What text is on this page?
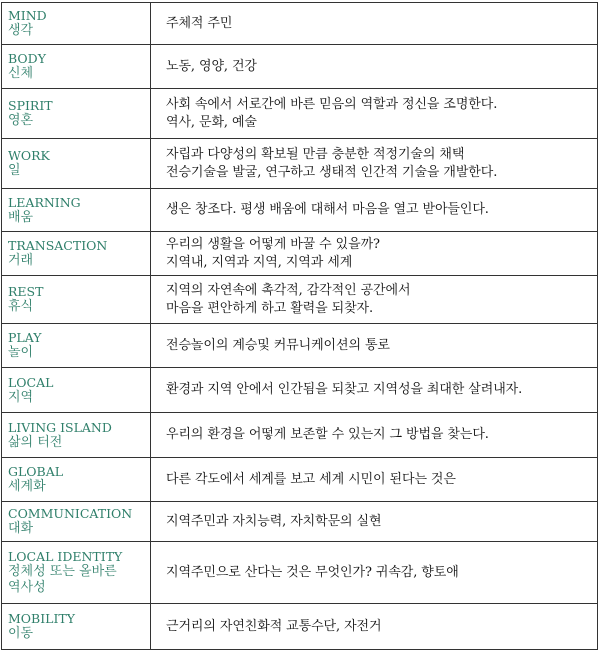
MIND
생각	주체적 주민

BODY
신체	노동, 영양, 건강

SPIRIT
영혼	사회 속에서 서로간에 바른 믿음의 역할과 정신을 조명한다.
역사, 문화, 예술

WORK
일	자립과 다양성의 확보될 만큼 충분한 적정기술의 채택
전승기술을 발굴, 연구하고 생태적 인간적 기술을 개발한다.

LEARNING
배움	생은 창조다. 평생 배움에 대해서 마음을 열고 받아들인다.

TRANSACTION
거래	우리의 생활을 어떻게 바꿀 수 있을까?
지역내, 지역과 지역, 지역과 세계

REST
휴식	지역의 자연속에 촉각적, 감각적인 공간에서
마음을 편안하게 하고 활력을 되찾자.

PLAY
놀이	전승놀이의 계승및 커뮤니케이션의 통로

LOCAL
지역	환경과 지역 안에서 인간됨을 되찾고 지역성을 최대한 살려내자.

LIVING ISLAND
삶의 터전	우리의 환경을 어떻게 보존할 수 있는지 그 방법을 찾는다.

GLOBAL
세계화	다른 각도에서 세계를 보고 세계 시민이 된다는 것은

COMMUNICATION
대화	지역주민과 자치능력, 자치학문의 실현

LOCAL IDENTITY
정체성 또는 올바른
역사성	지역주민으로 산다는 것은 무엇인가? 귀속감, 향토애

MOBILITY
이동	근거리의 자연친화적 교통수단, 자전거
